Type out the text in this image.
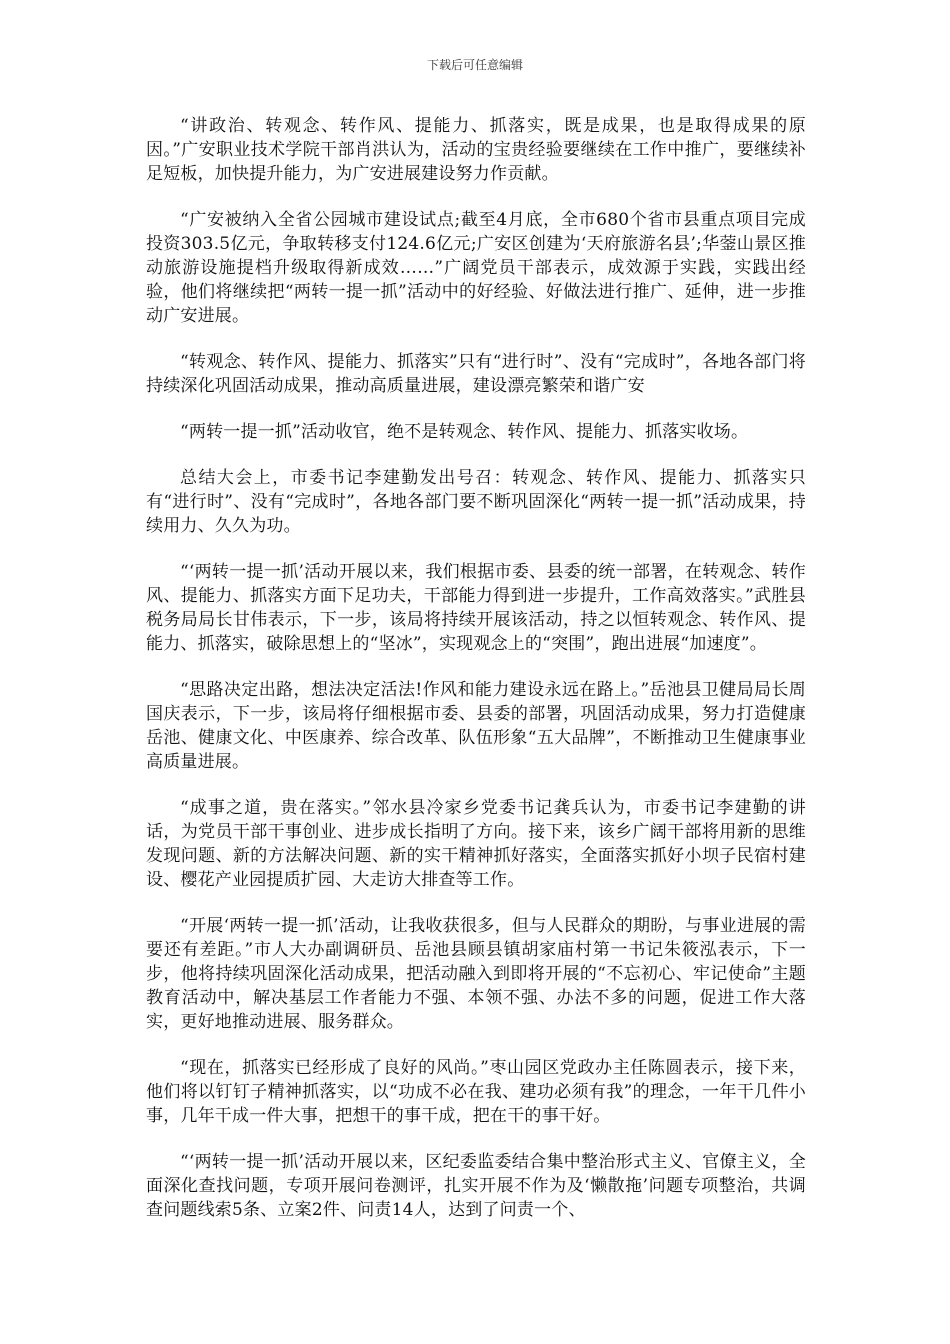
下载后可任意编辑

“讲政治、转观念、转作风、提能力、抓落实，既是成果，也是取得成果的原因。”广安职业技术学院干部肖洪认为，活动的宝贵经验要继续在工作中推广，要继续补足短板，加快提升能力，为广安进展建设努力作贡献。

“广安被纳入全省公园城市建设试点;截至4月底，全市680个省市县重点项目完成投资303.5亿元，争取转移支付124.6亿元;广安区创建为‘天府旅游名县’;华蓥山景区推动旅游设施提档升级取得新成效……”广阔党员干部表示，成效源于实践，实践出经验，他们将继续把“两转一提一抓”活动中的好经验、好做法进行推广、延伸，进一步推动广安进展。

“转观念、转作风、提能力、抓落实”只有“进行时”、没有“完成时”，各地各部门将持续深化巩固活动成果，推动高质量进展，建设漂亮繁荣和谐广安

“两转一提一抓”活动收官，绝不是转观念、转作风、提能力、抓落实收场。

总结大会上，市委书记李建勤发出号召：转观念、转作风、提能力、抓落实只有“进行时”、没有“完成时”，各地各部门要不断巩固深化“两转一提一抓”活动成果，持续用力、久久为功。

“‘两转一提一抓’活动开展以来，我们根据市委、县委的统一部署，在转观念、转作风、提能力、抓落实方面下足功夫，干部能力得到进一步提升，工作高效落实。”武胜县税务局局长甘伟表示，下一步，该局将持续开展该活动，持之以恒转观念、转作风、提能力、抓落实，破除思想上的“坚冰”，实现观念上的“突围”，跑出进展“加速度”。

“思路决定出路，想法决定活法!作风和能力建设永远在路上。”岳池县卫健局局长周国庆表示，下一步，该局将仔细根据市委、县委的部署，巩固活动成果，努力打造健康岳池、健康文化、中医康养、综合改革、队伍形象“五大品牌”，不断推动卫生健康事业高质量进展。

“成事之道，贵在落实。”邻水县冷家乡党委书记龚兵认为，市委书记李建勤的讲话，为党员干部干事创业、进步成长指明了方向。接下来，该乡广阔干部将用新的思维发现问题、新的方法解决问题、新的实干精神抓好落实，全面落实抓好小坝子民宿村建设、樱花产业园提质扩园、大走访大排查等工作。

“开展‘两转一提一抓’活动，让我收获很多，但与人民群众的期盼，与事业进展的需要还有差距。”市人大办副调研员、岳池县顾县镇胡家庙村第一书记朱筱泓表示，下一步，他将持续巩固深化活动成果，把活动融入到即将开展的“不忘初心、牢记使命”主题教育活动中，解决基层工作者能力不强、本领不强、办法不多的问题，促进工作大落实，更好地推动进展、服务群众。

“现在，抓落实已经形成了良好的风尚。”枣山园区党政办主任陈圆表示，接下来，他们将以钉钉子精神抓落实，以“功成不必在我、建功必须有我”的理念，一年干几件小事，几年干成一件大事，把想干的事干成，把在干的事干好。

“‘两转一提一抓’活动开展以来，区纪委监委结合集中整治形式主义、官僚主义，全面深化查找问题，专项开展问卷测评，扎实开展不作为及‘懒散拖’问题专项整治，共调查问题线索5条、立案2件、问责14人，达到了问责一个、
